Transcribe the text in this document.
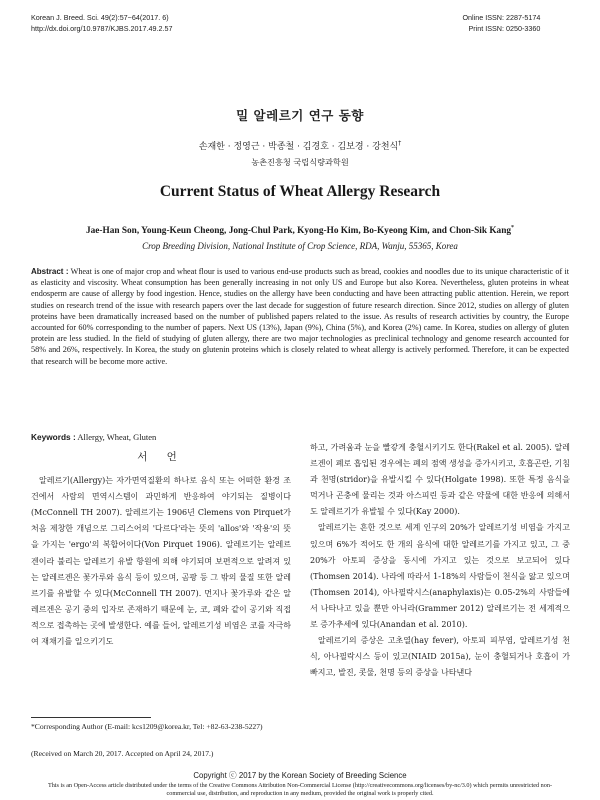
Korean J. Breed. Sci. 49(2):57~64(2017. 6)
http://dx.doi.org/10.9787/KJBS.2017.49.2.57
Online ISSN: 2287-5174
Print ISSN: 0250-3360
밀 알레르기 연구 동향
손재한 · 정영근 · 박종철 · 김경호 · 김보경 · 강천식†
농촌진흥청 국립식량과학원
Current Status of Wheat Allergy Research
Jae-Han Son, Young-Keun Cheong, Jong-Chul Park, Kyong-Ho Kim, Bo-Kyeong Kim, and Chon-Sik Kang*
Crop Breeding Division, National Institute of Crop Science, RDA, Wanju, 55365, Korea
Abstract : Wheat is one of major crop and wheat flour is used to various end-use products such as bread, cookies and noodles due to its unique characteristic of it as elasticity and viscosity. Wheat consumption has been generally increasing in not only US and Europe but also Korea. Nevertheless, gluten proteins in wheat endosperm are cause of allergy by food ingestion. Hence, studies on the allergy have been conducting and have been attracting public attention. Herein, we report studies on research trend of the issue with research papers over the last decade for suggestion of future research direction. Since 2012, studies on allergy of gluten proteins have been dramatically increased based on the number of published papers related to the issue. As results of research activities by country, the Europe accounted for 60% corresponding to the number of papers. Next US (13%), Japan (9%), China (5%), and Korea (2%) came. In Korea, studies on allergy of gluten protein are less studied. In the field of studying of gluten allergy, there are two major technologies as preclinical technology and genome research accounted for 58% and 26%, respectively. In Korea, the study on glutenin proteins which is closely related to wheat allergy is actively performed. Therefore, it can be expected that research will be become more active.
Keywords : Allergy, Wheat, Gluten
서 언

알레르기(Allergy)는 자가면역질환의 하나로 음식 또는 어떠한 환경 조건에서 사람의 면역시스템이 과민하게 반응하여 야기되는 질병이다(McConnell TH 2007). 알레르기는 1906년 Clemens von Pirquet가 처음 제창한 개념으로 그리스어의 '다르다'라는 뜻의 'allos'와 '작용'의 뜻을 가지는 'ergo'의 복합어이다(Von Pirquet 1906). 알레르기는 알레르겐이라 불리는 알레르기 유발 항원에 의해 야기되며 보편적으로 알려져 있는 알레르겐은 꽃가루와 음식 등이 있으며, 곰팡 등 그 밖의 물질 또한 알레르기를 유발할 수 있다(McConnell TH 2007). 먼지나 꽃가루와 같은 알레르겐은 공기 중의 입자로 존재하기 때문에 눈, 코, 폐와 같이 공기와 직접적으로 접촉하는 곳에 발생한다. 예를 들어, 알레르기성 비염은 코를 자극하여 재채기를 일으키기도

하고, 가려움과 눈을 빨갛게 충혈시키기도 한다(Rakel et al. 2005). 알레르겐이 폐로 흡입된 경우에는 폐의 점액 생성을 증가시키고, 호흡곤란, 기침과 천명(stridor)을 유발시킬 수 있다(Holgate 1998). 또한 특정 음식을 먹거나 곤충에 물리는 것과 아스피린 등과 같은 약물에 대한 반응에 의해서도 알레르기가 유발될 수 있다(Kay 2000).

알레르기는 흔한 것으로 세계 인구의 20%가 알레르기성 비염을 가지고 있으며 6%가 적어도 한 개의 음식에 대한 알레르기를 가지고 있고, 그 중 20%가 아토피 증상을 동시에 가지고 있는 것으로 보고되어 있다(Thomsen 2014). 나라에 따라서 1-18%의 사람들이 천식을 앓고 있으며(Thomsen 2014), 아나필락시스(anaphylaxis)는 0.05-2%의 사람들에서 나타나고 있을 뿐만 아니라(Grammer 2012) 알레르기는 전 세계적으로 증가추세에 있다(Anandan et al. 2010).

알레르기의 증상은 고초열(hay fever), 아토피 피부염, 알레르기성 천식, 아나필락시스 등이 있고(NIAID 2015a), 눈이 충혈되거나 호흡이 가빠지고, 발진, 콧물, 천명 등의 증상을 나타낸다

*Corresponding Author (E-mail: kcs1209@korea.kr, Tel: +82-63-238-5227)
(Received on March 20, 2017. Accepted on April 24, 2017.)
Copyright ⓒ 2017 by the Korean Society of Breeding Science
This is an Open-Access article distributed under the terms of the Creative Commons Attribution Non-Commercial License (http://creativecommons.org/licenses/by-nc/3.0) which permits unrestricted non-commercial use, distribution, and reproduction in any medium, provided the original work is properly cited.
